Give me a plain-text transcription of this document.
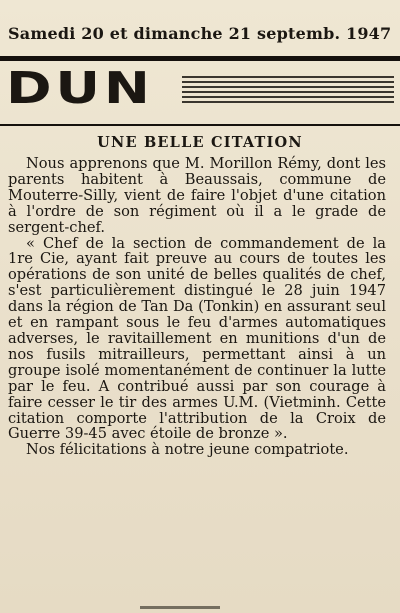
Samedi 20 et dimanche 21 septemb. 1947
DUN
UNE BELLE CITATION

Nous apprenons que M. Morillon Rémy, dont les parents habitent à Beaussais, commune de Mouterre-Silly, vient de faire l'objet d'une citation à l'ordre de son régiment où il a le grade de sergent-chef.

« Chef de la section de commandement de la 1re Cie, ayant fait preuve au cours de toutes les opérations de son unité de belles qualités de chef, s'est particulièrement distingué le 28 juin 1947 dans la région de Tan Da (Tonkin) en assurant seul et en rampant sous le feu d'armes automatiques adverses, le ravitaillement en munitions d'un de nos fusils mitrailleurs, permettant ainsi à un groupe isolé momentanément de continuer la lutte par le feu. A contribué aussi par son courage à faire cesser le tir des armes U.M. (Vietminh. Cette citation comporte l'attribution de la Croix de Guerre 39-45 avec étoile de bronze ».

Nos félicitations à notre jeune compatriote.
